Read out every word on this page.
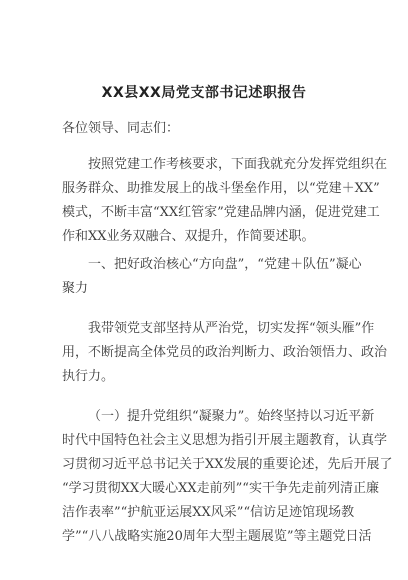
XX县XX局党支部书记述职报告
各位领导、同志们：
按照党建工作考核要求，下面我就充分发挥党组织在
服务群众、助推发展上的战斗堡垒作用，以“党建＋XX”
模式，不断丰富“XX红管家”党建品牌内涵，促进党建工
作和XX业务双融合、双提升，作简要述职。
一、把好政治核心“方向盘”，“党建＋队伍”凝心
聚力
我带领党支部坚持从严治党，切实发挥“领头雁”作
用，不断提高全体党员的政治判断力、政治领悟力、政治
执行力。
（一）提升党组织“凝聚力”。始终坚持以习近平新
时代中国特色社会主义思想为指引开展主题教育，认真学
习贯彻习近平总书记关于XX发展的重要论述，先后开展了
“学习贯彻XX大暖心XX走前列”“实干争先走前列清正廉
洁作表率”“护航亚运展XX风采”“信访足迹馆现场教
学”“八八战略实施20周年大型主题展览”等主题党日活
